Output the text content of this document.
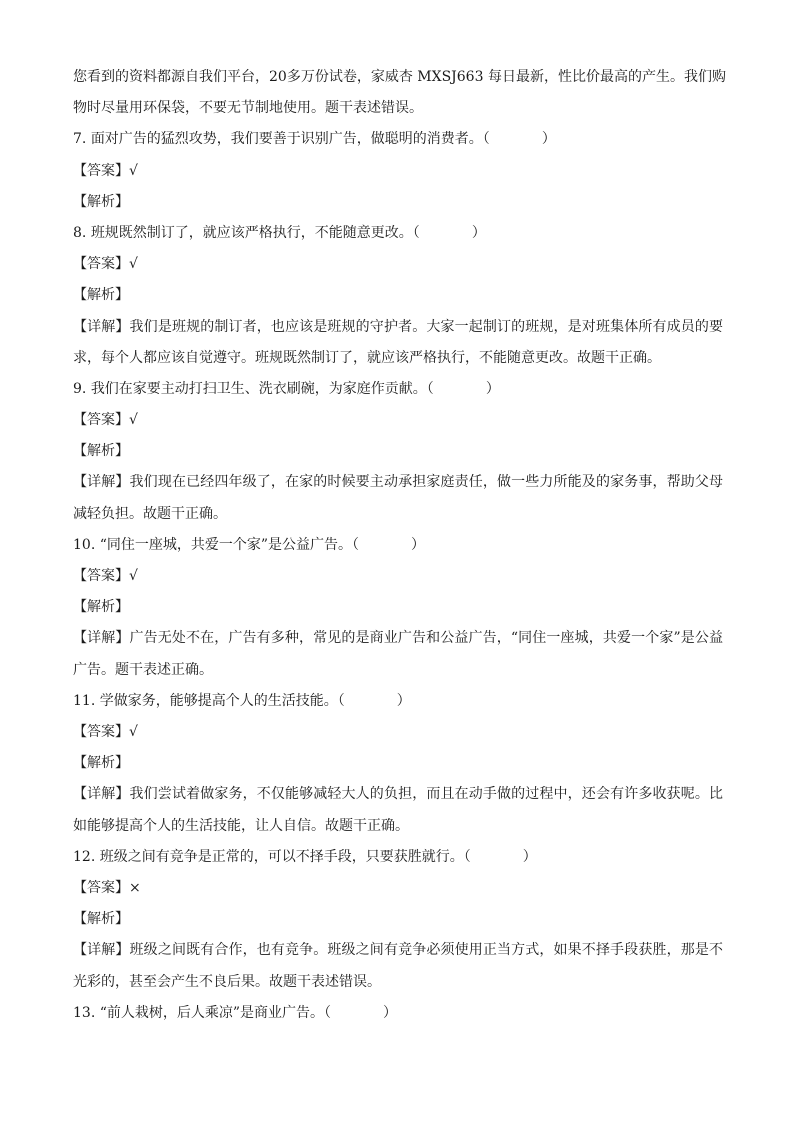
您看到的资料都源自我们平台，20多万份试卷，家威杏 MXSJ663 每日最新，性比价最高的产生。我们购
物时尽量用环保袋，不要无节制地使用。题干表述错误。
7. 面对广告的猛烈攻势，我们要善于识别广告，做聪明的消费者。（	）
【答案】√
【解析】
8. 班规既然制订了，就应该严格执行，不能随意更改。（	）
【答案】√
【解析】
【详解】我们是班规的制订者，也应该是班规的守护者。大家一起制订的班规，是对班集体所有成员的要求，每个人都应该自觉遵守。班规既然制订了，就应该严格执行，不能随意更改。故题干正确。
9. 我们在家要主动打扫卫生、洗衣刷碗，为家庭作贡献。（	）
【答案】√
【解析】
【详解】我们现在已经四年级了，在家的时候要主动承担家庭责任，做一些力所能及的家务事，帮助父母减轻负担。故题干正确。
10. “同住一座城，共爱一个家”是公益广告。（	）
【答案】√
【解析】
【详解】广告无处不在，广告有多种，常见的是商业广告和公益广告，“同住一座城，共爱一个家”是公益广告。题干表述正确。
11. 学做家务，能够提高个人的生活技能。（	）
【答案】√
【解析】
【详解】我们尝试着做家务，不仅能够减轻大人的负担，而且在动手做的过程中，还会有许多收获呢。比如能够提高个人的生活技能，让人自信。故题干正确。
12. 班级之间有竞争是正常的，可以不择手段，只要获胜就行。（	）
【答案】×
【解析】
【详解】班级之间既有合作，也有竞争。班级之间有竞争必须使用正当方式，如果不择手段获胜，那是不光彩的，甚至会产生不良后果。故题干表述错误。
13. “前人栽树，后人乘凉”是商业广告。（	）
